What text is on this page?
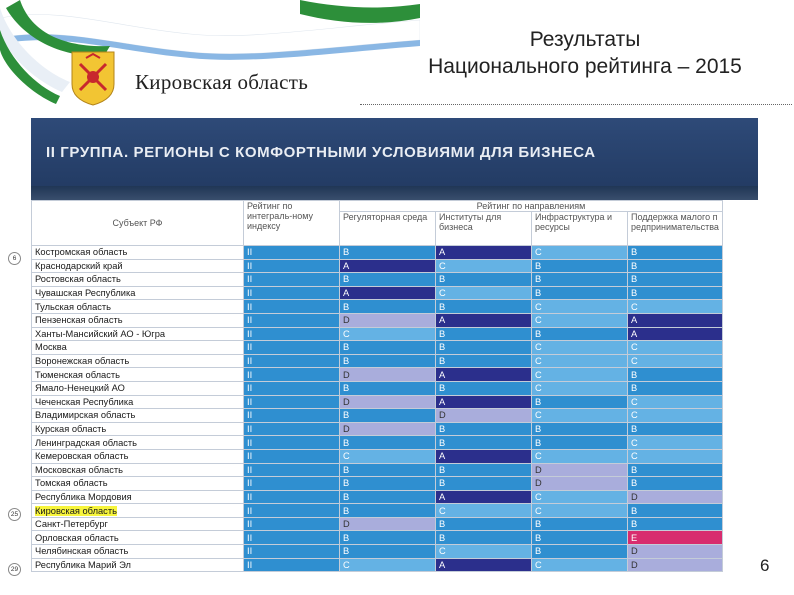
Кировская область
Результаты
Национального рейтинга – 2015
II ГРУППА. РЕГИОНЫ С КОМФОРТНЫМИ УСЛОВИЯМИ ДЛЯ БИЗНЕСА
Субъект РФ	Рейтинг по интеграль-ному индексу	Рейтинг по направлениям			
		Регуляторная среда	Институты для бизнеса	Инфраструктура и ресурсы	Поддержка малого предпринимательства
Костромская область	II	B	A	C	B
Краснодарский край	II	A	C	B	B
Ростовская область	II	B	B	B	B
Чувашская Республика	II	A	C	B	B
Тульская область	II	B	B	C	C
Пензенская область	II	D	A	C	A
Ханты-Мансийский АО - Югра	II	C	B	B	A
Москва	II	B	B	C	C
Воронежская область	II	B	B	C	C
Тюменская область	II	D	A	C	B
Ямало-Ненецкий АО	II	B	B	C	B
Чеченская Республика	II	D	A	B	C
Владимирская область	II	B	D	C	C
Курская область	II	D	B	B	B
Ленинградская область	II	B	B	B	C
Кемеровская область	II	C	A	C	C
Московская область	II	B	B	D	B
Томская область	II	B	B	D	B
Республика Мордовия	II	B	A	C	D
Кировская область	II	B	C	C	B
Санкт-Петербург	II	D	B	B	B
Орловская область	II	B	B	B	E
Челябинская область	II	B	C	B	D
Республика Марий Эл	II	C	A	C	D
6
25
29	6
